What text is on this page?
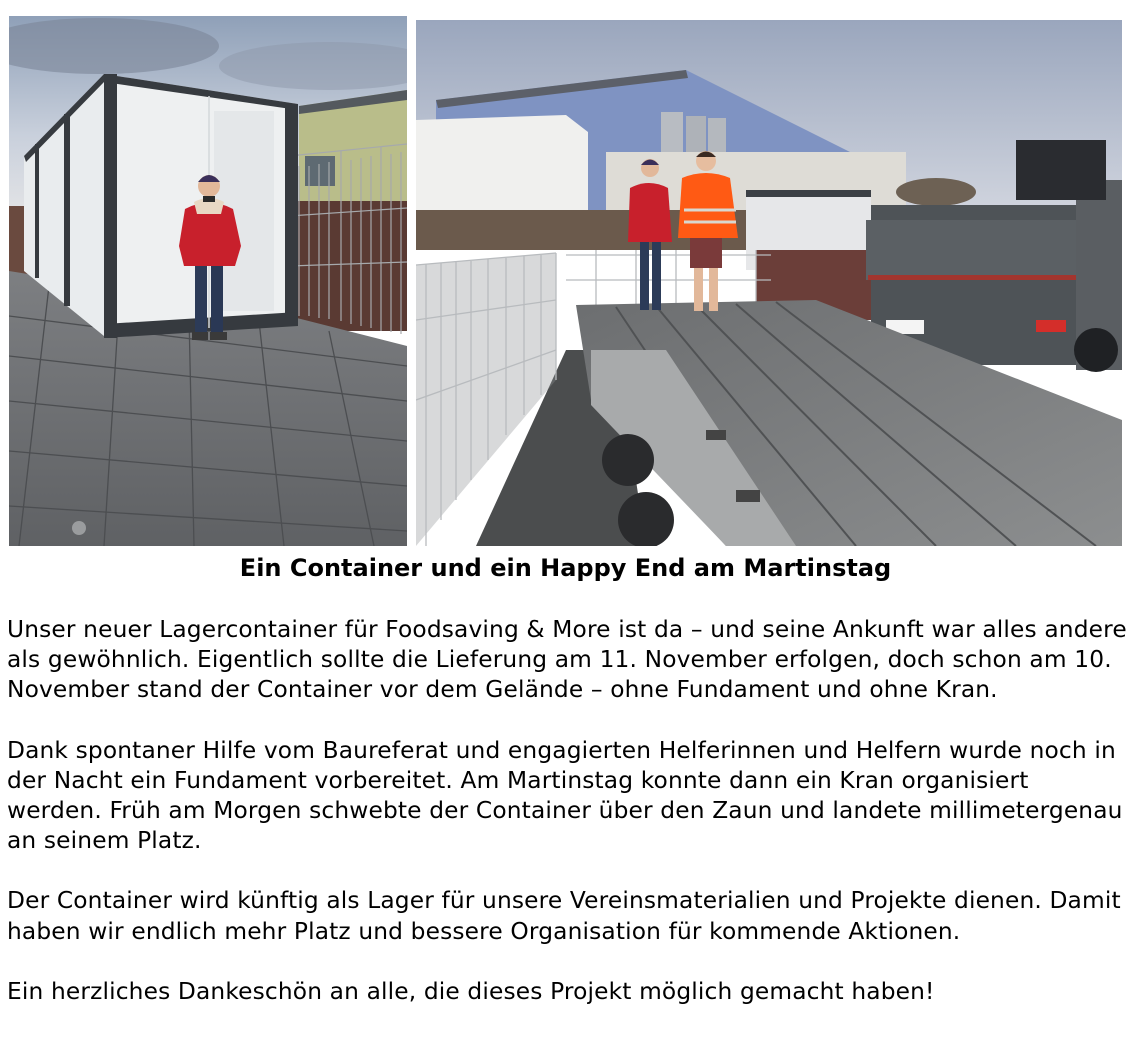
Ein Container und ein Happy End am Martinstag

Unser neuer Lagercontainer für Foodsaving & More ist da – und seine Ankunft war alles andere als gewöhnlich. Eigentlich sollte die Lieferung am 11. November erfolgen, doch schon am 10. November stand der Container vor dem Gelände – ohne Fundament und ohne Kran.

Dank spontaner Hilfe vom Baureferat und engagierten Helferinnen und Helfern wurde noch in der Nacht ein Fundament vorbereitet. Am Martinstag konnte dann ein Kran organisiert werden. Früh am Morgen schwebte der Container über den Zaun und landete millimetergenau an seinem Platz.

Der Container wird künftig als Lager für unsere Vereinsmaterialien und Projekte dienen. Damit haben wir endlich mehr Platz und bessere Organisation für kommende Aktionen.

Ein herzliches Dankeschön an alle, die dieses Projekt möglich gemacht haben!
